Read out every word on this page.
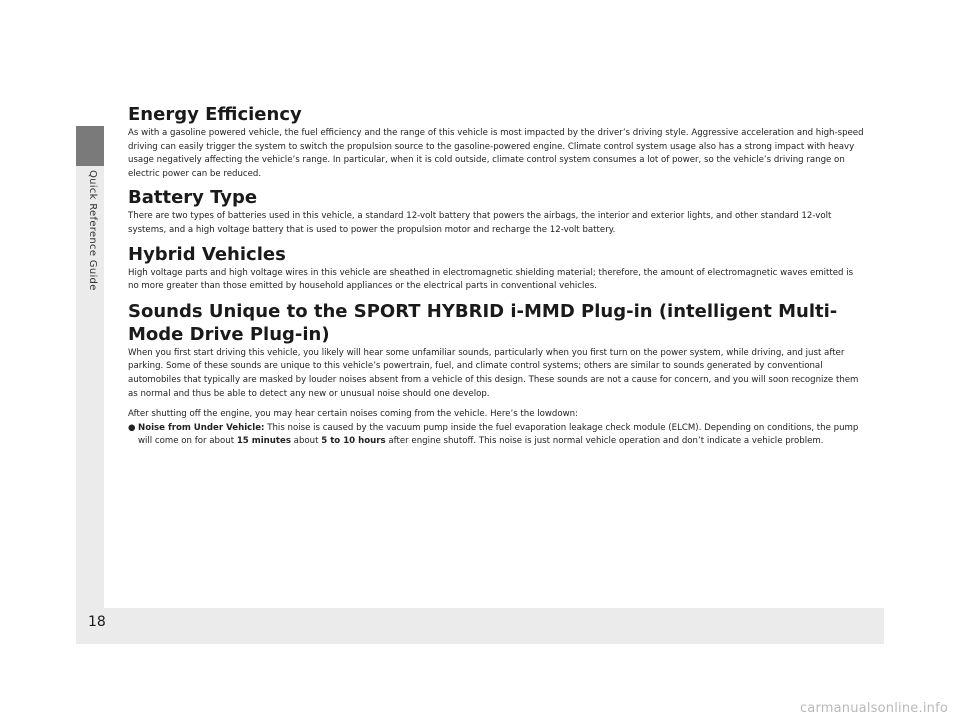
Quick Reference Guide
Energy Efficiency

As with a gasoline powered vehicle, the fuel efficiency and the range of this vehicle is most impacted by the driver’s driving style. Aggressive acceleration and high-speed driving can easily trigger the system to switch the propulsion source to the gasoline-powered engine. Climate control system usage also has a strong impact with heavy usage negatively affecting the vehicle’s range. In particular, when it is cold outside, climate control system consumes a lot of power, so the vehicle’s driving range on electric power can be reduced.

Battery Type

There are two types of batteries used in this vehicle, a standard 12-volt battery that powers the airbags, the interior and exterior lights, and other standard 12-volt systems, and a high voltage battery that is used to power the propulsion motor and recharge the 12-volt battery.

Hybrid Vehicles

High voltage parts and high voltage wires in this vehicle are sheathed in electromagnetic shielding material; therefore, the amount of electromagnetic waves emitted is no more greater than those emitted by household appliances or the electrical parts in conventional vehicles.

Sounds Unique to the SPORT HYBRID i-MMD Plug-in (intelligent Multi-Mode Drive Plug-in)

When you first start driving this vehicle, you likely will hear some unfamiliar sounds, particularly when you first turn on the power system, while driving, and just after parking. Some of these sounds are unique to this vehicle’s powertrain, fuel, and climate control systems; others are similar to sounds generated by conventional automobiles that typically are masked by louder noises absent from a vehicle of this design. These sounds are not a cause for concern, and you will soon recognize them as normal and thus be able to detect any new or unusual noise should one develop.

After shutting off the engine, you may hear certain noises coming from the vehicle. Here’s the lowdown:

● Noise from Under Vehicle: This noise is caused by the vacuum pump inside the fuel evaporation leakage check module (ELCM). Depending on conditions, the pump will come on for about 15 minutes about 5 to 10 hours after engine shutoff. This noise is just normal vehicle operation and don’t indicate a vehicle problem.
18
carmanualsonline.info
